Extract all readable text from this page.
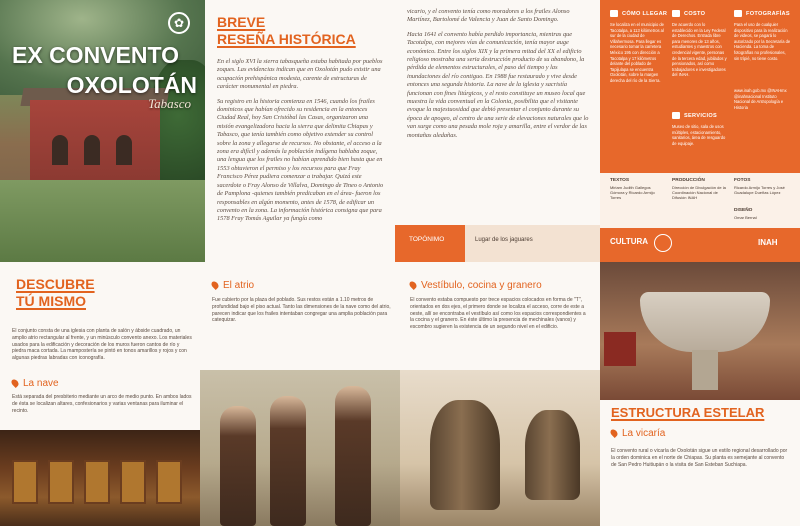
✿
EX CONVENTO
OXOLOTÁN
Tabasco
BREVE
RESEÑA HISTÓRICA

En el siglo XVI la sierra tabasqueña estaba habitada por pueblos zoques. Las evidencias indican que en Oxolotán pudo existir una ocupación prehispánica modesta, carente de estructuras de carácter monumental en piedra.

Su registro en la historia comienza en 1546, cuando los frailes dominicos que habían ofrecido su residencia en la entonces Ciudad Real, hoy San Cristóbal las Casas, organizaron una misión evangelizadora hacia la sierra que delimita Chiapas y Tabasco, que tenía también como objetivo extender su control sobre la zona y allegarse de recursos. No obstante, el acceso a la zona era difícil y además la población indígena hablaba zoque, una lengua que los frailes no habían aprendido bien hasta que en 1553 obtuvieron el permiso y los recursos para que Fray Francisco Pérez pudiera comenzar a trabajar. Quizá este sacerdote o Fray Alonso de Villalva, Domingo de Tineo o Antonio de Pamplona -quienes también predicaban en el área- fueron los responsables en algún momento, antes de 1578, de edificar un convento en la zona. La información histórica consigna que para 1578 Fray Tomás Aguilar ya fungía como

vicario, y el convento tenía como moradores a los frailes Alonso Martínez, Bartolomé de Valencia y Juan de Santo Domingo.

Hacia 1641 el convento había perdido importancia, mientras que Tacotalpa, con mejores vías de comunicación, tenía mayor auge económico. Entre los siglos XIX y la primera mitad del XX el edificio religioso mostraba una seria destrucción producto de su abandono, la pérdida de elementos estructurales, el paso del tiempo y las inundaciones del río contiguo. En 1988 fue restaurado y vive desde entonces una segunda historia. La nave de la iglesia y sacristía funcionan con fines litúrgicos, y el resto constituye un museo local que muestra la vida conventual en la Colonia, posibilita que el visitante evoque la majestuosidad que debió presentar el conjunto durante su época de apogeo, al centro de una serie de elevaciones naturales que lo van surge como una pesada mole roja y amarilla, entre el verdor de las montañas aledañas.

TOPÓNIMO	Lugar de los jaguares
CÓMO LLEGAR
Se localiza en el municipio de Tacotalpa, a 113 kilómetros al sur de la ciudad de Villahermosa. Para llegar es necesario tomar la carretera México 195 con dirección a Tacotalpa y 17 kilómetros delante del poblado de Tapijulapa se encuentra Oxolotán, sobre la margen derecha del río de la Sierra.
COSTO
De acuerdo con lo establecido en la Ley Federal de Derechos. Entrada libre para menores de 13 años, estudiantes y maestros con credencial vigente, personas de la tercera edad, jubilados y pensionados, así como trabajadores e investigadores del INAH.
SERVICIOS
Museo de sitio, sala de usos múltiples, estacionamiento, sanitarios, área de resguardo de equipaje.
FOTOGRAFÍAS
Para el uso de cualquier dispositivo para la realización de videos, se pagará lo autorizado por la Secretaría de Hacienda. La toma de fotografías no profesionales, sin trípié, no tiene costo.
www.inah.gob.mx @INAHmx @inahnacional Instituto Nacional de Antropología e Historia
TEXTOS
Miriam Judith Gallegos Gómora y Ricardo Armijo Torres
PRODUCCIÓN
Dirección de Divulgación de la Coordinación Nacional de Difusión INAH
FOTOS
Ricardo Armijo Torres y José Guadalupe Dueñas López
DISEÑO
Omar Bernal
CULTURA	INAH
DESCUBRE
TÚ MISMO

El conjunto consta de una iglesia con planta de salón y ábside cuadrado, un amplio atrio rectangular al frente, y un minúsculo convento anexo. Los materiales usados para la edificación y decoración de los muros fueron cantos de río y piedra maca cortada. La mampostería se pintó en tonos amarillos y rojos y con algunas piedras labradas con iconografía.

La nave

Está separada del presbiterio mediante un arco de medio punto. En ambos lados de ésta se localizan altares, confesionarios y varias ventanas para iluminar el recinto.

El atrio

Fue cubierto por la plaza del poblado. Sus restos están a 1.10 metros de profundidad bajo el piso actual. Tanto las dimensiones de la nave como del atrio, parecen indicar que los frailes intentaban congregar una amplia población para catequizar.

Vestíbulo, cocina y granero

El convento estaba compuesto por trece espacios colocados en forma de "T", orientados en dos ejes, el primero donde se localiza el acceso, corre de este a oeste, allí se encontraba el vestíbulo así como los espacios correspondientes a la cocina y el granero. En éste último la presencia de mechinales (vanos) y escombro sugieren la existencia de un segundo nivel en el edificio.

ESTRUCTURA ESTELAR
La vicaría

El convento rural o vicaría de Oxolotán sigue un estilo regional desarrollado por la orden dominica en el norte de Chiapas. Su planta es semejante al convento de San Pedro Huitiupán o la visita de San Esteban Suchiapa.
